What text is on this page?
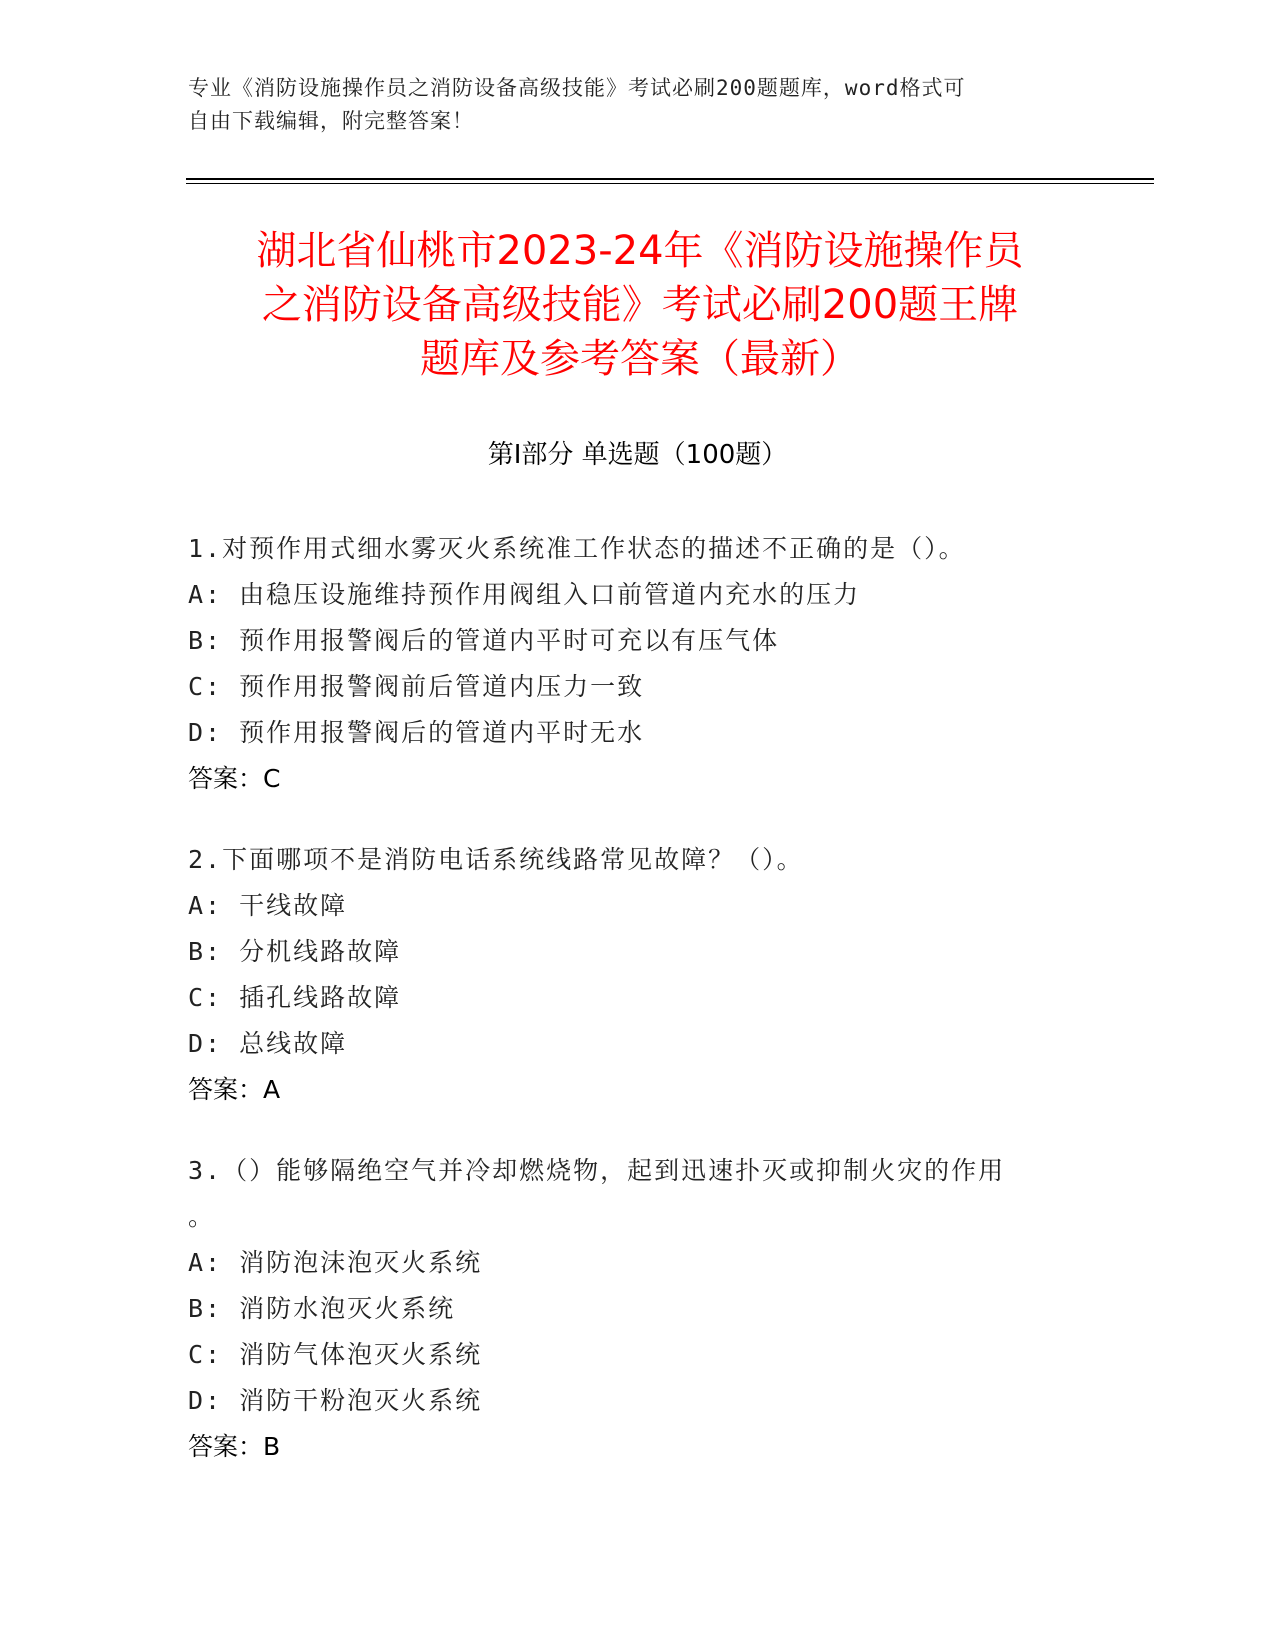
专业《消防设施操作员之消防设备高级技能》考试必刷200题题库，word格式可
自由下载编辑，附完整答案！
湖北省仙桃市2023-24年《消防设施操作员
之消防设备高级技能》考试必刷200题王牌
题库及参考答案（最新）
第I部分 单选题（100题）
1.对预作用式细水雾灭火系统准工作状态的描述不正确的是（）。
A: 由稳压设施维持预作用阀组入口前管道内充水的压力
B: 预作用报警阀后的管道内平时可充以有压气体
C: 预作用报警阀前后管道内压力一致
D: 预作用报警阀后的管道内平时无水
答案：C
2.下面哪项不是消防电话系统线路常见故障？（）。
A: 干线故障
B: 分机线路故障
C: 插孔线路故障
D: 总线故障
答案：A
3.（）能够隔绝空气并冷却燃烧物，起到迅速扑灭或抑制火灾的作用
。
A: 消防泡沫泡灭火系统
B: 消防水泡灭火系统
C: 消防气体泡灭火系统
D: 消防干粉泡灭火系统
答案：B
